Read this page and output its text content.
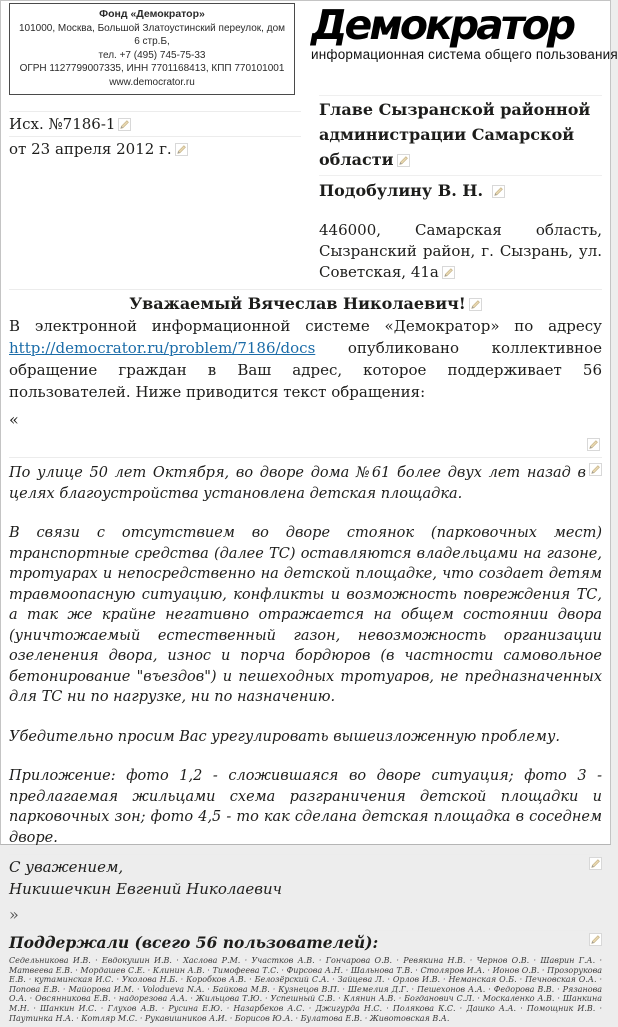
Фонд «Демократор»
101000, Москва, Большой Златоустинский переулок, дом 6 стр.Б,
тел. +7 (495) 745-75-33
ОГРН 1127799007335, ИНН 7701168413, КПП 770101001
www.democrator.ru
Демократор
информационная система общего пользования
Исх. №7186-1
от 23 апреля 2012 г.
Главе Сызранской районной администрации Самарской области
Подобулину В. Н.
446000, Самарская область, Сызранский район, г. Сызрань, ул. Советская, 41а
Уважаемый Вячеслав Николаевич!

В электронной информационной системе «Демократор» по адресу http://democrator.ru/problem/7186/docs опубликовано коллективное обращение граждан в Ваш адрес, которое поддерживает 56 пользователей. Ниже приводится текст обращения:

«

По улице 50 лет Октября, во дворе дома №61 более двух лет назад в целях благоустройства установлена детская площадка.

В связи с отсутствием во дворе стоянок (парковочных мест) транспортные средства (далее ТС) оставляются владельцами на газоне, тротуарах и непосредственно на детской площадке, что создает детям травмоопасную ситуацию, конфликты и возможность повреждения ТС, а так же крайне негативно отражается на общем состоянии двора (уничтожаемый естественный газон, невозможность организации озеленения двора, износ и порча бордюров (в частности самовольное бетонирование "въездов") и пешеходных тротуаров, не предназначенных для ТС ни по нагрузке, ни по назначению.

Убедительно просим Вас урегулировать вышеизложенную проблему.

Приложение: фото 1,2 - сложившаяся во дворе ситуация; фото 3 - предлагаемая жильцами схема разграничения детской площадки и парковочных зон; фото 4,5 - то как сделана детская площадка в соседнем дворе.

С уважением,
Никишечкин Евгений Николаевич
»
Поддержали (всего 56 пользователей):
Седельникова И.В. · Евдокушин И.В. · Хаслова Р.М. · Участков А.В. · Гончарова О.В. · Ревякина Н.В. · Чернов О.В. · Шаврин Г.А. · Матвеева Е.В. · Мордашев С.Е. · Клинин А.В. · Тимофеева Т.С. · Фирсова А.Н. · Шальнова Т.В. · Столяров И.А. · Ионов О.В. · Прозорукова Е.В. · кутаминская И.С. · Уколова Н.Б. · Коробков А.В. · Белозёрский С.А. · Зайцева Л. · Орлов И.В. · Неманская О.Б. · Печновская О.А. · Попова Е.В. · Майорова И.М. · Volodueva N.A. · Байкова М.В. · Кузнецов В.П. · Шемелия Д.Г. · Пешехонов А.А. · Федорова В.В. · Рязанова О.А. · Овсянникова Е.В. · надорезова А.А. · Жильцова Т.Ю. · Успешный С.В. · Клянин А.В. · Богданович С.Л. · Москаленко А.В. · Шанкина М.Н. · Шанкин И.С. · Глухов А.В. · Русина Е.Ю. · Назарбеков А.С. · Джигурда Н.С. · Полякова К.С. · Дашко А.А. · Помощник И.В. · Паутинка Н.А. · Котляр М.С. · Рукавишников А.И. · Борисов Ю.А. · Булатова Е.В. · Животовская В.А.
